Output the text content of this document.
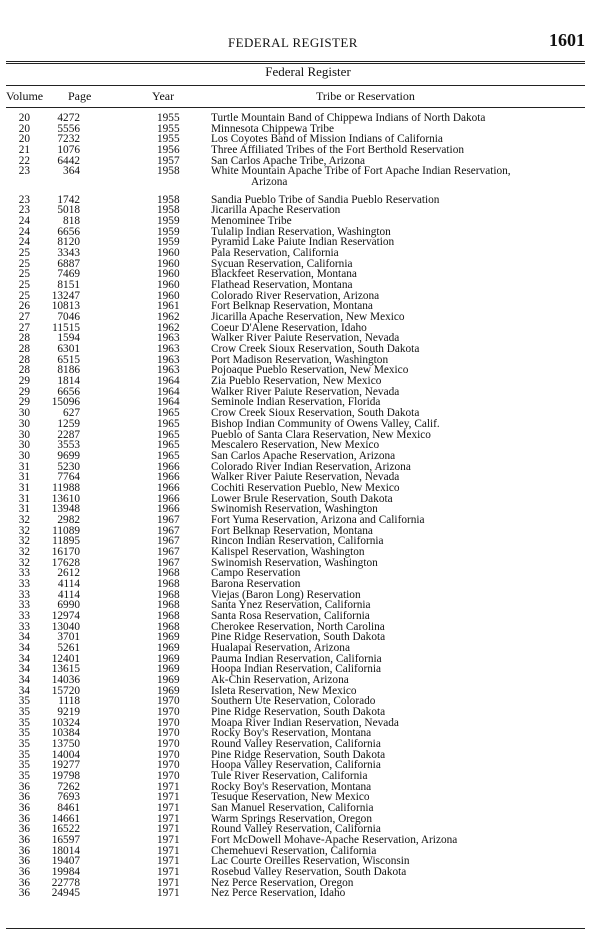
FEDERAL REGISTER	1601
Federal Register
Volume Page	Year	Tribe or Reservation
20	4272	1955	Turtle Mountain Band of Chippewa Indians of North Dakota
20	5556	1955	Minnesota Chippewa Tribe
20	7232	1955	Los Coyotes Band of Mission Indians of California
21	1076	1956	Three Affiliated Tribes of the Fort Berthold Reservation
22	6442	1957	San Carlos Apache Tribe, Arizona
23	364	1958	White Mountain Apache Tribe of Fort Apache Indian Reservation,
Arizona
23	1742	1958	Sandia Pueblo Tribe of Sandia Pueblo Reservation
23	5018	1958	Jicarilla Apache Reservation
24	818	1959	Menominee Tribe
24	6656	1959	Tulalip Indian Reservation, Washington
24	8120	1959	Pyramid Lake Paiute Indian Reservation
25	3343	1960	Pala Reservation, California
25	6887	1960	Sycuan Reservation, California
25	7469	1960	Blackfeet Reservation, Montana
25	8151	1960	Flathead Reservation, Montana
25	13247	1960	Colorado River Reservation, Arizona
26	10813	1961	Fort Belknap Reservation, Montana
27	7046	1962	Jicarilla Apache Reservation, New Mexico
27	11515	1962	Coeur D'Alene Reservation, Idaho
28	1594	1963	Walker River Paiute Reservation, Nevada
28	6301	1963	Crow Creek Sioux Reservation, South Dakota
28	6515	1963	Port Madison Reservation, Washington
28	8186	1963	Pojoaque Pueblo Reservation, New Mexico
29	1814	1964	Zia Pueblo Reservation, New Mexico
29	6656	1964	Walker River Paiute Reservation, Nevada
29	15096	1964	Seminole Indian Reservation, Florida
30	627	1965	Crow Creek Sioux Reservation, South Dakota
30	1259	1965	Bishop Indian Community of Owens Valley, Calif.
30	2287	1965	Pueblo of Santa Clara Reservation, New Mexico
30	3553	1965	Mescalero Reservation, New Mexico
30	9699	1965	San Carlos Apache Reservation, Arizona
31	5230	1966	Colorado River Indian Reservation, Arizona
31	7764	1966	Walker River Paiute Reservation, Nevada
31	11988	1966	Cochiti Reservation Pueblo, New Mexico
31	13610	1966	Lower Brule Reservation, South Dakota
31	13948	1966	Swinomish Reservation, Washington
32	2982	1967	Fort Yuma Reservation, Arizona and California
32	11089	1967	Fort Belknap Reservation, Montana
32	11895	1967	Rincon Indian Reservation, California
32	16170	1967	Kalispel Reservation, Washington
32	17628	1967	Swinomish Reservation, Washington
33	2612	1968	Campo Reservation
33	4114	1968	Barona Reservation
33	4114	1968	Viejas (Baron Long) Reservation
33	6990	1968	Santa Ynez Reservation, California
33	12974	1968	Santa Rosa Reservation, California
33	13040	1968	Cherokee Reservation, North Carolina
34	3701	1969	Pine Ridge Reservation, South Dakota
34	5261	1969	Hualapai Reservation, Arizona
34	12401	1969	Pauma Indian Reservation, California
34	13615	1969	Hoopa Indian Reservation, California
34	14036	1969	Ak-Chin Reservation, Arizona
34	15720	1969	Isleta Reservation, New Mexico
35	1118	1970	Southern Ute Reservation, Colorado
35	9219	1970	Pine Ridge Reservation, South Dakota
35	10324	1970	Moapa River Indian Reservation, Nevada
35	10384	1970	Rocky Boy's Reservation, Montana
35	13750	1970	Round Valley Reservation, California
35	14004	1970	Pine Ridge Reservation, South Dakota
35	19277	1970	Hoopa Valley Reservation, California
35	19798	1970	Tule River Reservation, California
36	7262	1971	Rocky Boy's Reservation, Montana
36	7693	1971	Tesuque Reservation, New Mexico
36	8461	1971	San Manuel Reservation, California
36	14661	1971	Warm Springs Reservation, Oregon
36	16522	1971	Round Valley Reservation, California
36	16597	1971	Fort McDowell Mohave-Apache Reservation, Arizona
36	18014	1971	Chemehuevi Reservation, California
36	19407	1971	Lac Courte Oreilles Reservation, Wisconsin
36	19984	1971	Rosebud Valley Reservation, South Dakota
36	22778	1971	Nez Perce Reservation, Oregon
36	24945	1971	Nez Perce Reservation, Idaho
